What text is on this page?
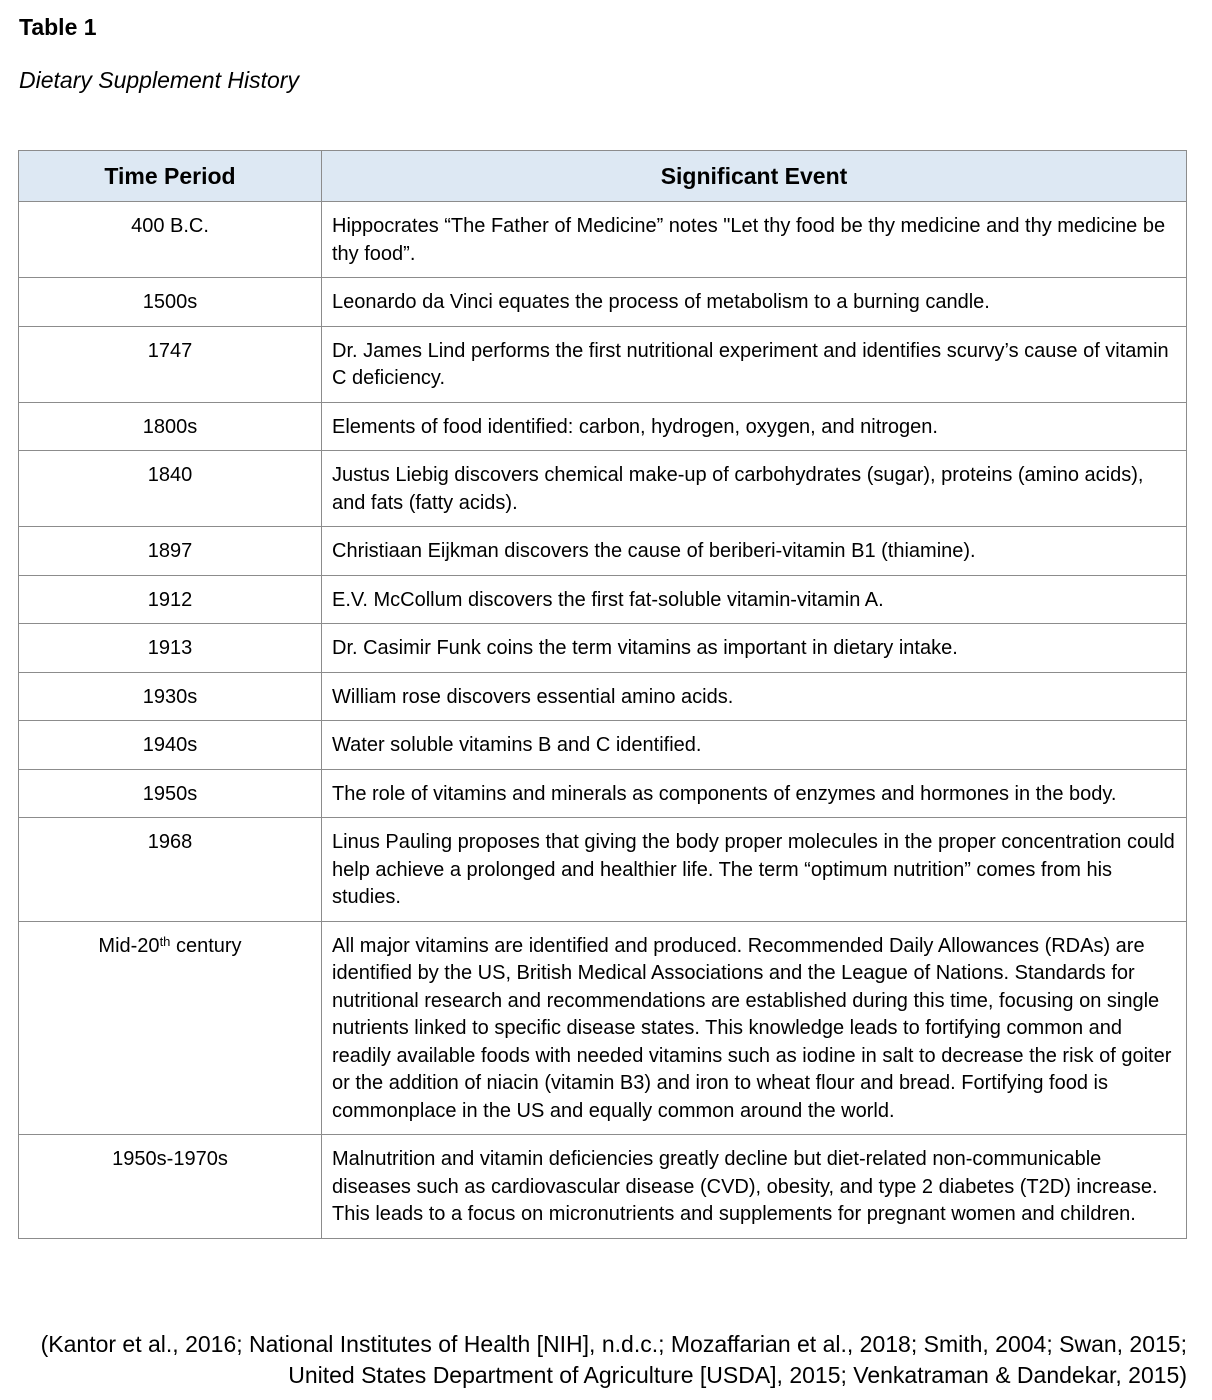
Table 1

Dietary Supplement History

Time Period	Significant Event
400 B.C.	Hippocrates “The Father of Medicine” notes "Let thy food be thy medicine and thy medicine be thy food”.
1500s	Leonardo da Vinci equates the process of metabolism to a burning candle.
1747	Dr. James Lind performs the first nutritional experiment and identifies scurvy’s cause of vitamin C deficiency.
1800s	Elements of food identified: carbon, hydrogen, oxygen, and nitrogen.
1840	Justus Liebig discovers chemical make-up of carbohydrates (sugar), proteins (amino acids), and fats (fatty acids).
1897	Christiaan Eijkman discovers the cause of beriberi-vitamin B1 (thiamine).
1912	E.V. McCollum discovers the first fat-soluble vitamin-vitamin A.
1913	Dr. Casimir Funk coins the term vitamins as important in dietary intake.
1930s	William rose discovers essential amino acids.
1940s	Water soluble vitamins B and C identified.
1950s	The role of vitamins and minerals as components of enzymes and hormones in the body.
1968	Linus Pauling proposes that giving the body proper molecules in the proper concentration could help achieve a prolonged and healthier life. The term “optimum nutrition” comes from his studies.
Mid-20th century	All major vitamins are identified and produced. Recommended Daily Allowances (RDAs) are identified by the US, British Medical Associations and the League of Nations. Standards for nutritional research and recommendations are established during this time, focusing on single nutrients linked to specific disease states. This knowledge leads to fortifying common and readily available foods with needed vitamins such as iodine in salt to decrease the risk of goiter or the addition of niacin (vitamin B3) and iron to wheat flour and bread. Fortifying food is commonplace in the US and equally common around the world.
1950s-1970s	Malnutrition and vitamin deficiencies greatly decline but diet-related non-communicable diseases such as cardiovascular disease (CVD), obesity, and type 2 diabetes (T2D) increase. This leads to a focus on micronutrients and supplements for pregnant women and children.
(Kantor et al., 2016; National Institutes of Health [NIH], n.d.c.; Mozaffarian et al., 2018; Smith, 2004; Swan, 2015; United States Department of Agriculture [USDA], 2015; Venkatraman & Dandekar, 2015)
